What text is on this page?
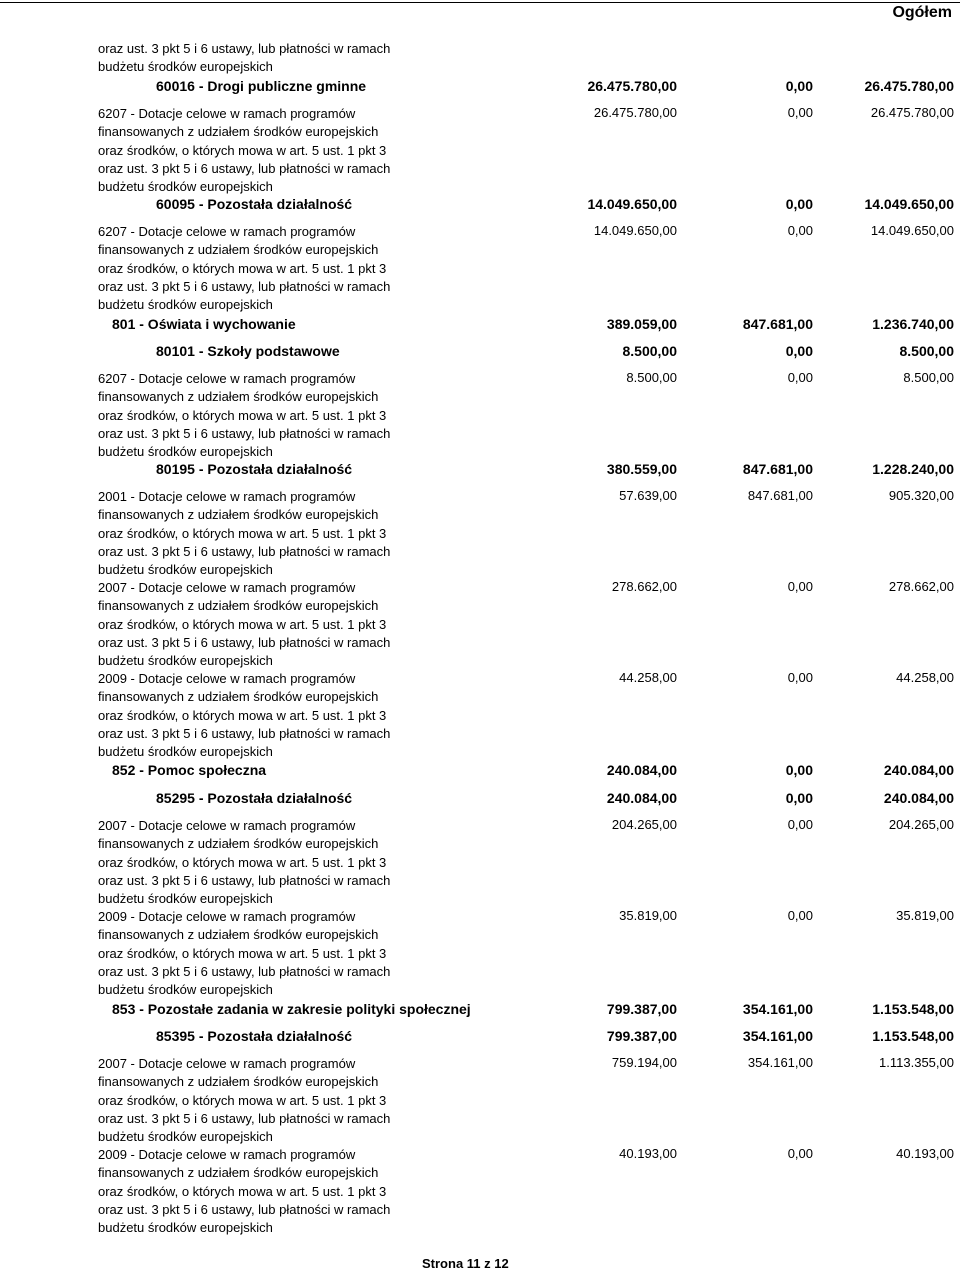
Ogółem
oraz ust. 3 pkt 5 i 6 ustawy, lub płatności w ramach
budżetu środków europejskich
60016 - Drogi publiczne gminne	26.475.780,00	0,00	26.475.780,00
6207 - Dotacje celowe w ramach programów
finansowanych z udziałem środków europejskich
oraz środków, o których mowa w art. 5 ust. 1 pkt 3
oraz ust. 3 pkt 5 i 6 ustawy, lub płatności w ramach
budżetu środków europejskich
26.475.780,00	0,00	26.475.780,00
60095 - Pozostała działalność	14.049.650,00	0,00	14.049.650,00
6207 - Dotacje celowe w ramach programów
finansowanych z udziałem środków europejskich
oraz środków, o których mowa w art. 5 ust. 1 pkt 3
oraz ust. 3 pkt 5 i 6 ustawy, lub płatności w ramach
budżetu środków europejskich
14.049.650,00	0,00	14.049.650,00
801 - Oświata i wychowanie	389.059,00	847.681,00	1.236.740,00
80101 - Szkoły podstawowe	8.500,00	0,00	8.500,00
6207 - Dotacje celowe w ramach programów
finansowanych z udziałem środków europejskich
oraz środków, o których mowa w art. 5 ust. 1 pkt 3
oraz ust. 3 pkt 5 i 6 ustawy, lub płatności w ramach
budżetu środków europejskich
8.500,00	0,00	8.500,00
80195 - Pozostała działalność	380.559,00	847.681,00	1.228.240,00
2001 - Dotacje celowe w ramach programów
finansowanych z udziałem środków europejskich
oraz środków, o których mowa w art. 5 ust. 1 pkt 3
oraz ust. 3 pkt 5 i 6 ustawy, lub płatności w ramach
budżetu środków europejskich
57.639,00	847.681,00	905.320,00
2007 - Dotacje celowe w ramach programów
finansowanych z udziałem środków europejskich
oraz środków, o których mowa w art. 5 ust. 1 pkt 3
oraz ust. 3 pkt 5 i 6 ustawy, lub płatności w ramach
budżetu środków europejskich
278.662,00	0,00	278.662,00
2009 - Dotacje celowe w ramach programów
finansowanych z udziałem środków europejskich
oraz środków, o których mowa w art. 5 ust. 1 pkt 3
oraz ust. 3 pkt 5 i 6 ustawy, lub płatności w ramach
budżetu środków europejskich
44.258,00	0,00	44.258,00
852 - Pomoc społeczna	240.084,00	0,00	240.084,00
85295 - Pozostała działalność	240.084,00	0,00	240.084,00
2007 - Dotacje celowe w ramach programów
finansowanych z udziałem środków europejskich
oraz środków, o których mowa w art. 5 ust. 1 pkt 3
oraz ust. 3 pkt 5 i 6 ustawy, lub płatności w ramach
budżetu środków europejskich
204.265,00	0,00	204.265,00
2009 - Dotacje celowe w ramach programów
finansowanych z udziałem środków europejskich
oraz środków, o których mowa w art. 5 ust. 1 pkt 3
oraz ust. 3 pkt 5 i 6 ustawy, lub płatności w ramach
budżetu środków europejskich
35.819,00	0,00	35.819,00
853 - Pozostałe zadania w zakresie polityki społecznej	799.387,00	354.161,00	1.153.548,00
85395 - Pozostała działalność	799.387,00	354.161,00	1.153.548,00
2007 - Dotacje celowe w ramach programów
finansowanych z udziałem środków europejskich
oraz środków, o których mowa w art. 5 ust. 1 pkt 3
oraz ust. 3 pkt 5 i 6 ustawy, lub płatności w ramach
budżetu środków europejskich
759.194,00	354.161,00	1.113.355,00
2009 - Dotacje celowe w ramach programów
finansowanych z udziałem środków europejskich
oraz środków, o których mowa w art. 5 ust. 1 pkt 3
oraz ust. 3 pkt 5 i 6 ustawy, lub płatności w ramach
budżetu środków europejskich
40.193,00	0,00	40.193,00
Strona 11 z 12
